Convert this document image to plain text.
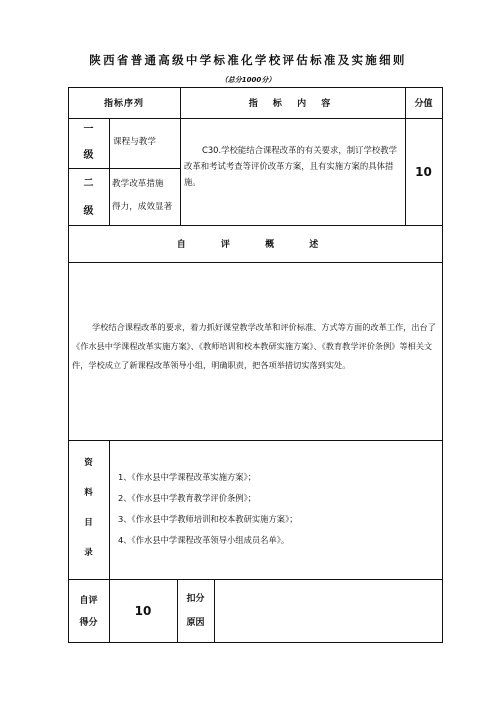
陕西省普通高级中学标准化学校评估标准及实施细则
（总分1000分）
指标序列	指 标 内 容	分值
一
级
课程与教学
二
级
教学改革措施
得力，成效显著
C30.学校能结合课程改革的有关要求，制订学校教学改革和考试考查等评价改革方案，且有实施方案的具体措施。
10
自 评 概 述
学校结合课程改革的要求，着力抓好课堂教学改革和评价标准、方式等方面的改革工作，出台了《作水县中学课程改革实施方案》、《教师培训和校本教研实施方案》、《教育教学评价条例》等相关文件，学校成立了新课程改革领导小组，明确职责，把各项举措切实落到实处。
资
料
目
录
1、《作水县中学课程改革实施方案》；
2、《作水县中学教育教学评价条例》；
3、《作水县中学教师培训和校本教研实施方案》；
4、《作水县中学课程改革领导小组成员名单》。
自评
得分
10
扣分
原因
